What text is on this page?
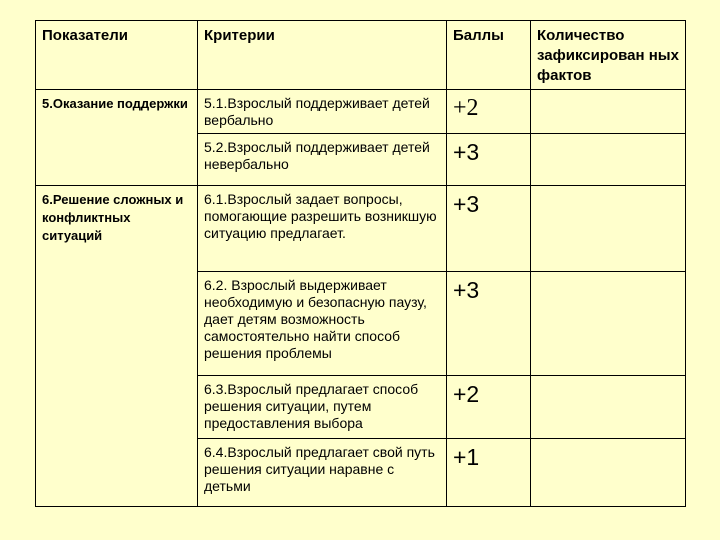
Показатели	Критерии	Баллы	Количество зафиксирован ных фактов
5.Оказание поддержки	5.1.Взрослый поддерживает детей вербально	+2	
	5.2.Взрослый поддерживает детей невербально	+3	
6.Решение сложных и конфликтных ситуаций	6.1.Взрослый задает вопросы, помогающие разрешить возникшую ситуацию предлагает.	+3	
	6.2. Взрослый выдерживает необходимую и безопасную паузу, дает детям возможность самостоятельно найти способ решения проблемы	+3	
	6.3.Взрослый предлагает способ решения ситуации, путем предоставления выбора	+2	
	6.4.Взрослый предлагает свой путь решения ситуации наравне с детьми	+1	
